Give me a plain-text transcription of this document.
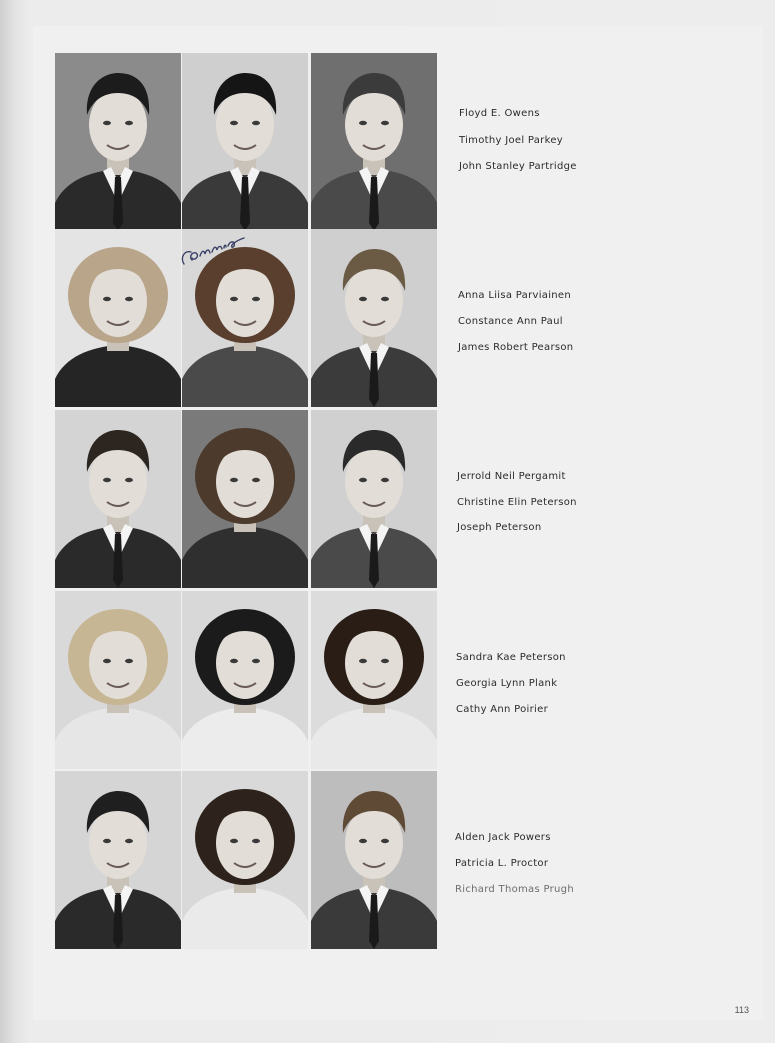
Floyd E. Owens
Timothy Joel Parkey
John Stanley Partridge
Anna Liisa Parviainen
Constance Ann Paul
James Robert Pearson
Jerrold Neil Pergamit
Christine Elin Peterson
Joseph Peterson
Sandra Kae Peterson
Georgia Lynn Plank
Cathy Ann Poirier
Alden Jack Powers
Patricia L. Proctor
Richard Thomas Prugh
113
